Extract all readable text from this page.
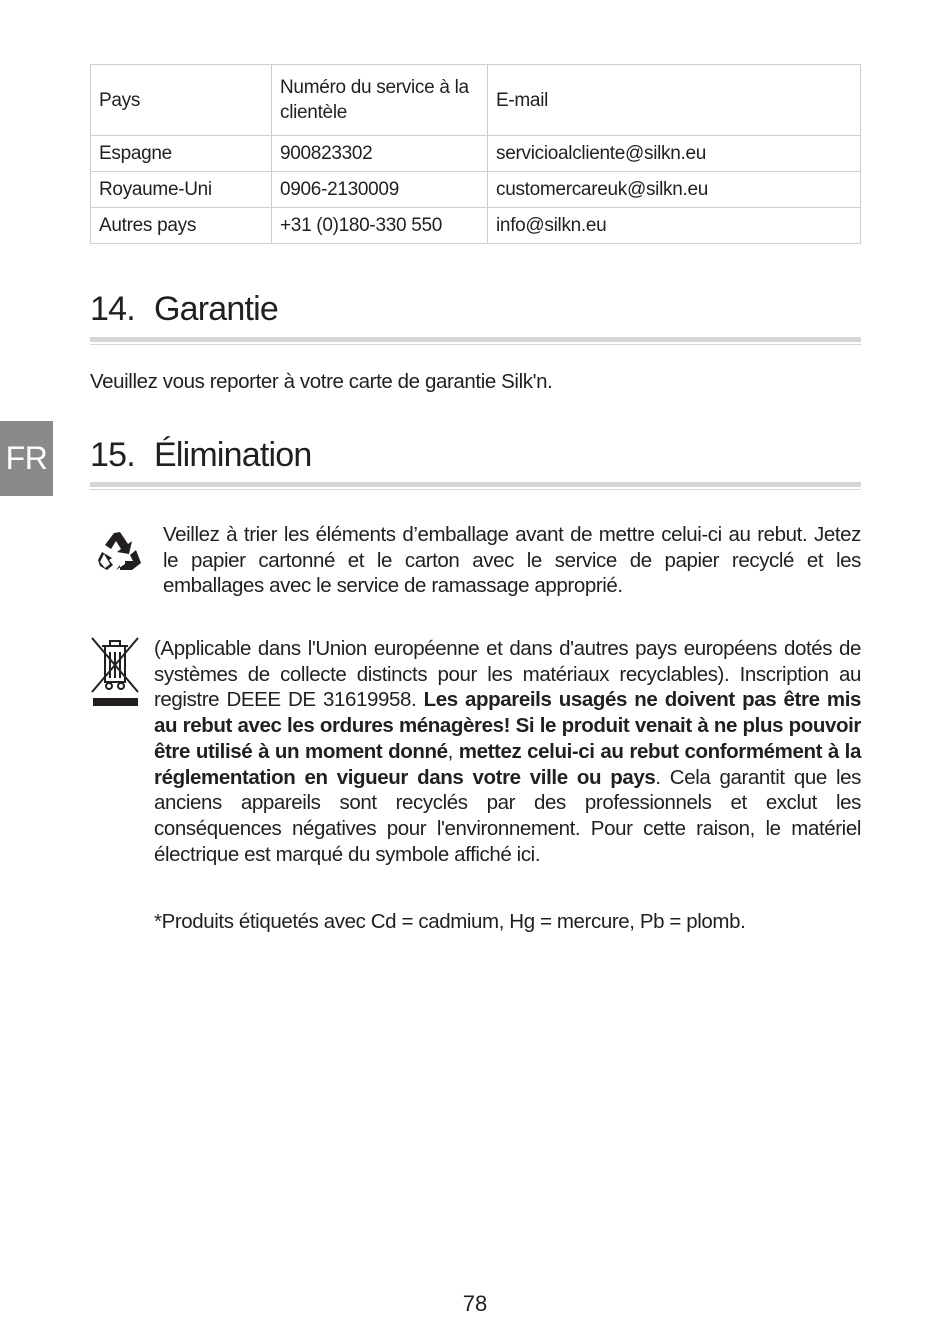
Pays	Numéro du service à la clientèle	E-mail
Espagne	900823302	servicioalcliente@silkn.eu
Royaume-Uni	0906-2130009	customercareuk@silkn.eu
Autres pays	+31 (0)180-330 550	info@silkn.eu
14. Garantie
Veuillez vous reporter à votre carte de garantie Silk'n.
FR 15. Élimination
Veillez à trier les éléments d’emballage avant de mettre celui-ci au rebut. Jetez le papier cartonné et le carton avec le service de papier recyclé et les emballages avec le service de ramassage approprié.
(Applicable dans l'Union européenne et dans d'autres pays européens dotés de systèmes de collecte distincts pour les matériaux recyclables). Inscription au registre DEEE DE 31619958. Les appareils usagés ne doivent pas être mis au rebut avec les ordures ménagères! Si le produit venait à ne plus pouvoir être utilisé à un moment donné, mettez celui-ci au rebut conformément à la réglementation en vigueur dans votre ville ou pays. Cela garantit que les anciens appareils sont recyclés par des professionnels et exclut les conséquences négatives pour l'environnement. Pour cette raison, le matériel électrique est marqué du symbole affiché ici.
*Produits étiquetés avec Cd = cadmium, Hg = mercure, Pb = plomb.
78
